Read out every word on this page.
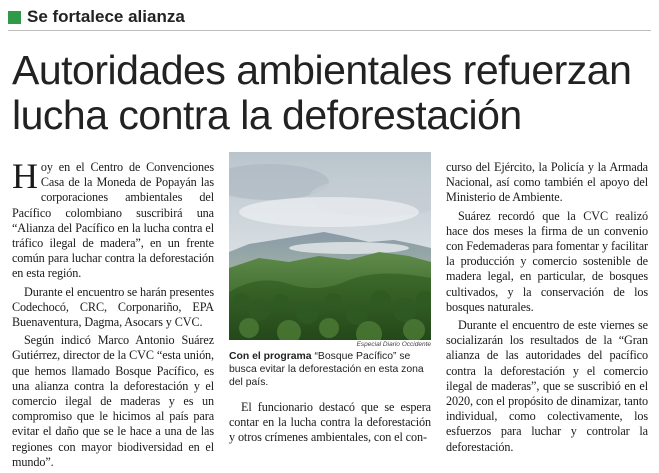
Se fortalece alianza
Autoridades ambientales refuerzan lucha contra la deforestación

Hoy en el Centro de Convenciones Casa de la Moneda de Popayán las corporaciones ambientales del Pacífico colombiano suscribirá una “Alianza del Pacífico en la lucha contra el tráfico ilegal de madera”, en un frente común para luchar contra la deforestación en esta región.

Durante el encuentro se harán presentes Codechocó, CRC, Corponariño, EPA Buenaventura, Dagma, Asocars y CVC.

Según indicó Marco Antonio Suárez Gutiérrez, director de la CVC “esta unión, que hemos llamado Bosque Pacífico, es una alianza contra la deforestación y el comercio ilegal de maderas y es un compromiso que le hicimos al país para evitar el daño que se le hace a una de las regiones con mayor biodiversidad en el mundo”.

Especial Diario Occidente
Con el programa “Bosque Pacífico” se busca evitar la deforestación en esta zona del país.

El funcionario destacó que se espera contar en la lucha contra la deforestación y otros crímenes ambientales, con el con-

curso del Ejército, la Policía y la Armada Nacional, así como también el apoyo del Ministerio de Ambiente.

Suárez recordó que la CVC realizó hace dos meses la firma de un convenio con Fedemaderas para fomentar y facilitar la producción y comercio sostenible de madera legal, en particular, de bosques cultivados, y la conservación de los bosques naturales.

Durante el encuentro de este viernes se socializarán los resultados de la “Gran alianza de las autoridades del pacífico contra la deforestación y el comercio ilegal de maderas”, que se suscribió en el 2020, con el propósito de dinamizar, tanto individual, como colectivamente, los esfuerzos para luchar y controlar la deforestación.
